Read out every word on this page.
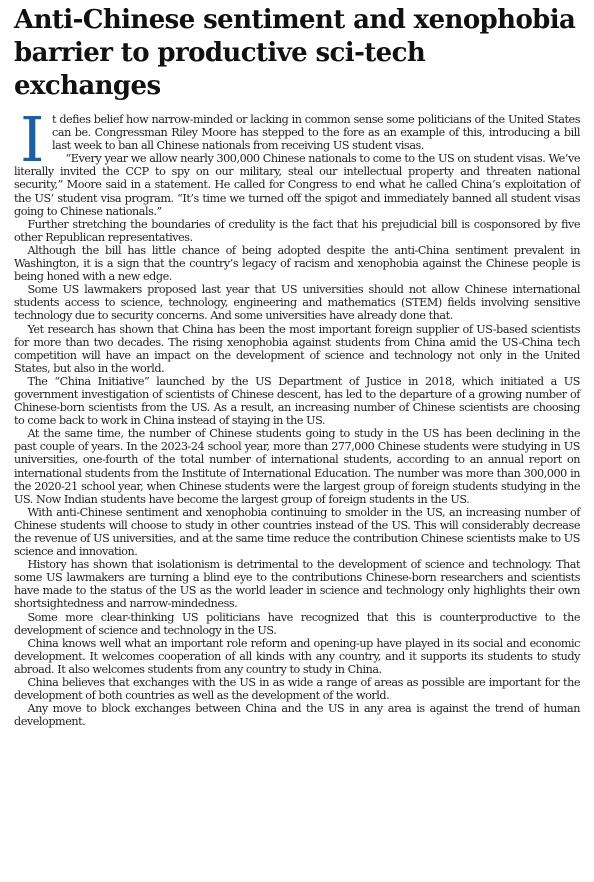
Anti-Chinese sentiment and xenophobia barrier to productive sci-tech exchanges

It defies belief how narrow-minded or lacking in common sense some politicians of the United States can be. Congressman Riley Moore has stepped to the fore as an example of this, introducing a bill last week to ban all Chinese nationals from receiving US student visas.

“Every year we allow nearly 300,000 Chinese nationals to come to the US on student visas. We’ve literally invited the CCP to spy on our military, steal our intellectual property and threaten national security,” Moore said in a statement. He called for Congress to end what he called China’s exploitation of the US’ student visa program. “It’s time we turned off the spigot and immediately banned all student visas going to Chinese nationals.”

Further stretching the boundaries of credulity is the fact that his prejudicial bill is cosponsored by five other Republican representatives.

Although the bill has little chance of being adopted despite the anti-China sentiment prevalent in Washington, it is a sign that the country’s legacy of racism and xenophobia against the Chinese people is being honed with a new edge.

Some US lawmakers proposed last year that US universities should not allow Chinese international students access to science, technology, engineering and mathematics (STEM) fields involving sensitive technology due to security concerns. And some universities have already done that.

Yet research has shown that China has been the most important foreign supplier of US-based scientists for more than two decades. The rising xenophobia against students from China amid the US-China tech competition will have an impact on the development of science and technology not only in the United States, but also in the world.

The “China Initiative” launched by the US Department of Justice in 2018, which initiated a US government investigation of scientists of Chinese descent, has led to the departure of a growing number of Chinese-born scientists from the US. As a result, an increasing number of Chinese scientists are choosing to come back to work in China instead of staying in the US.

At the same time, the number of Chinese students going to study in the US has been declining in the past couple of years. In the 2023-24 school year, more than 277,000 Chinese students were studying in US universities, one-fourth of the total number of international students, according to an annual report on international students from the Institute of International Education. The number was more than 300,000 in the 2020-21 school year, when Chinese students were the largest group of foreign students studying in the US. Now Indian students have become the largest group of foreign students in the US.

With anti-Chinese sentiment and xenophobia continuing to smolder in the US, an increasing number of Chinese students will choose to study in other countries instead of the US. This will considerably decrease the revenue of US universities, and at the same time reduce the contribution Chinese scientists make to US science and innovation.

History has shown that isolationism is detrimental to the development of science and technology. That some US lawmakers are turning a blind eye to the contributions Chinese-born researchers and scientists have made to the status of the US as the world leader in science and technology only highlights their own shortsightedness and narrow-mindedness.

Some more clear-thinking US politicians have recognized that this is counterproductive to the development of science and technology in the US.

China knows well what an important role reform and opening-up have played in its social and economic development. It welcomes cooperation of all kinds with any country, and it supports its students to study abroad. It also welcomes students from any country to study in China.

China believes that exchanges with the US in as wide a range of areas as possible are important for the development of both countries as well as the development of the world.

Any move to block exchanges between China and the US in any area is against the trend of human development.
